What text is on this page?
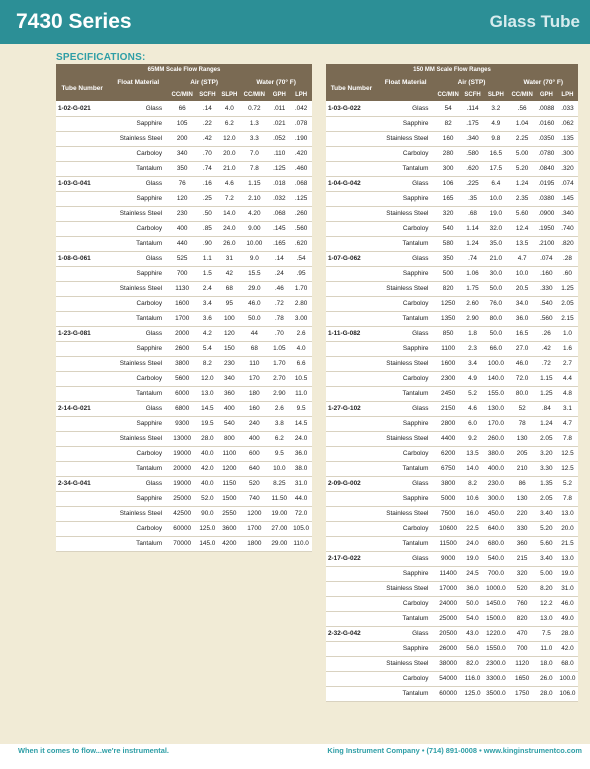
7430 Series	Glass Tube
SPECIFICATIONS:
65MM Scale Flow Ranges							
Tube Number	Float Material	Air (STP)			Water (70° F)		
		CC/MIN	SCFH	SLPH	CC/MIN	GPH	LPH
1-02-G-021	Glass	66	.14	4.0	0.72	.011	.042
	Sapphire	105	.22	6.2	1.3	.021	.078
	Stainless Steel	200	.42	12.0	3.3	.052	.190
	Carboloy	340	.70	20.0	7.0	.110	.420
	Tantalum	350	.74	21.0	7.8	.125	.460
1-03-G-041	Glass	76	.16	4.6	1.15	.018	.068
	Sapphire	120	.25	7.2	2.10	.032	.125
	Stainless Steel	230	.50	14.0	4.20	.068	.260
	Carboloy	400	.85	24.0	9.00	.145	.560
	Tantalum	440	.90	26.0	10.00	.165	.620
1-08-G-061	Glass	525	1.1	31	9.0	.14	.54
	Sapphire	700	1.5	42	15.5	.24	.95
	Stainless Steel	1130	2.4	68	29.0	.46	1.70
	Carboloy	1600	3.4	95	46.0	.72	2.80
	Tantalum	1700	3.6	100	50.0	.78	3.00
1-23-G-081	Glass	2000	4.2	120	44	.70	2.6
	Sapphire	2600	5.4	150	68	1.05	4.0
	Stainless Steel	3800	8.2	230	110	1.70	6.6
	Carboloy	5600	12.0	340	170	2.70	10.5
	Tantalum	6000	13.0	360	180	2.90	11.0
2-14-G-021	Glass	6800	14.5	400	160	2.6	9.5
	Sapphire	9300	19.5	540	240	3.8	14.5
	Stainless Steel	13000	28.0	800	400	6.2	24.0
	Carboloy	19000	40.0	1100	600	9.5	36.0
	Tantalum	20000	42.0	1200	640	10.0	38.0
2-34-G-041	Glass	19000	40.0	1150	520	8.25	31.0
	Sapphire	25000	52.0	1500	740	11.50	44.0
	Stainless Steel	42500	90.0	2550	1200	19.00	72.0
	Carboloy	60000	125.0	3600	1700	27.00	105.0
	Tantalum	70000	145.0	4200	1800	29.00	110.0
150 MM Scale Flow Ranges							
Tube Number	Float Material	Air (STP)			Water (70° F)		
		CC/MIN	SCFH	SLPH	CC/MIN	GPH	LPH
1-03-G-022	Glass	54	.114	3.2	.56	.0088	.033
	Sapphire	82	.175	4.9	1.04	.0160	.062
	Stainless Steel	160	.340	9.8	2.25	.0350	.135
	Carboloy	280	.580	16.5	5.00	.0780	.300
	Tantalum	300	.620	17.5	5.20	.0840	.320
1-04-G-042	Glass	106	.225	6.4	1.24	.0195	.074
	Sapphire	165	.35	10.0	2.35	.0380	.145
	Stainless Steel	320	.68	19.0	5.60	.0900	.340
	Carboloy	540	1.14	32.0	12.4	.1950	.740
	Tantalum	580	1.24	35.0	13.5	.2100	.820
1-07-G-062	Glass	350	.74	21.0	4.7	.074	.28
	Sapphire	500	1.06	30.0	10.0	.160	.60
	Stainless Steel	820	1.75	50.0	20.5	.330	1.25
	Carboloy	1250	2.60	76.0	34.0	.540	2.05
	Tantalum	1350	2.90	80.0	36.0	.560	2.15
1-11-G-082	Glass	850	1.8	50.0	16.5	.26	1.0
	Sapphire	1100	2.3	66.0	27.0	.42	1.6
	Stainless Steel	1600	3.4	100.0	46.0	.72	2.7
	Carboloy	2300	4.9	140.0	72.0	1.15	4.4
	Tantalum	2450	5.2	155.0	80.0	1.25	4.8
1-27-G-102	Glass	2150	4.6	130.0	52	.84	3.1
	Sapphire	2800	6.0	170.0	78	1.24	4.7
	Stainless Steel	4400	9.2	260.0	130	2.05	7.8
	Carboloy	6200	13.5	380.0	205	3.20	12.5
	Tantalum	6750	14.0	400.0	210	3.30	12.5
2-09-G-002	Glass	3800	8.2	230.0	86	1.35	5.2
	Sapphire	5000	10.6	300.0	130	2.05	7.8
	Stainless Steel	7500	16.0	450.0	220	3.40	13.0
	Carboloy	10600	22.5	640.0	330	5.20	20.0
	Tantalum	11500	24.0	680.0	360	5.60	21.5
2-17-G-022	Glass	9000	19.0	540.0	215	3.40	13.0
	Sapphire	11400	24.5	700.0	320	5.00	19.0
	Stainless Steel	17000	36.0	1000.0	520	8.20	31.0
	Carboloy	24000	50.0	1450.0	760	12.2	46.0
	Tantalum	25000	54.0	1500.0	820	13.0	49.0
2-32-G-042	Glass	20500	43.0	1220.0	470	7.5	28.0
	Sapphire	26000	56.0	1550.0	700	11.0	42.0
	Stainless Steel	38000	82.0	2300.0	1120	18.0	68.0
	Carboloy	54000	116.0	3300.0	1650	26.0	100.0
	Tantalum	60000	125.0	3500.0	1750	28.0	106.0
When it comes to flow...we're instrumental.	King Instrument Company • (714) 891-0008 • www.kinginstrumentco.com
